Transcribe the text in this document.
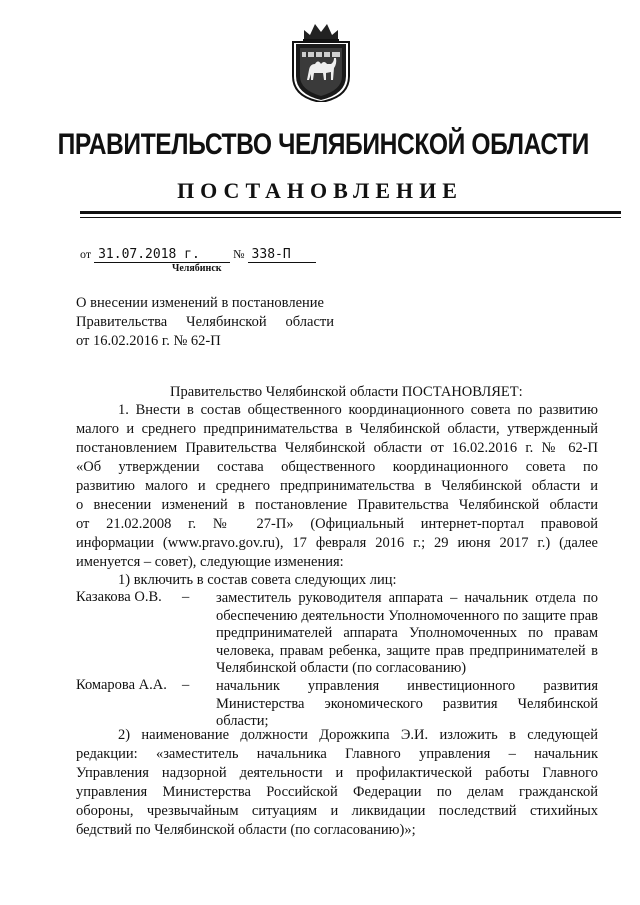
ПРАВИТЕЛЬСТВО ЧЕЛЯБИНСКОЙ ОБЛАСТИ
ПОСТАНОВЛЕНИЕ
от 31.07.2018 г.	№ 338-П
Челябинск
О внесении изменений в постановление
Правительства Челябинской области
от 16.02.2016 г. № 62-П
Правительство Челябинской области ПОСТАНОВЛЯЕТ:
1. Внести в состав общественного координационного совета по развитию
малого и среднего предпринимательства в Челябинской области, утвержденный
постановлением Правительства Челябинской области от 16.02.2016 г. № 62-П
«Об утверждении состава общественного координационного совета по
развитию малого и среднего предпринимательства в Челябинской области и
о внесении изменений в постановление Правительства Челябинской области
от 21.02.2008 г. № 27-П» (Официальный интернет-портал правовой
информации (www.pravo.gov.ru), 17 февраля 2016 г.; 29 июня 2017 г.) (далее
именуется – совет), следующие изменения:
1) включить в состав совета следующих лиц:
Казакова О.В. – заместитель руководителя аппарата – начальник отдела по обеспечению деятельности Уполномоченного по защите прав предпринимателей аппарата Уполномоченных по правам человека, правам ребенка, защите прав предпринимателей в Челябинской области (по согласованию)
Комарова А.А. – начальник управления инвестиционного развития Министерства экономического развития Челябинской области;
2) наименование должности Дорожкипа Э.И. изложить в следующей
редакции: «заместитель начальника Главного управления – начальник
Управления надзорной деятельности и профилактической работы Главного
управления Министерства Российской Федерации по делам гражданской
обороны, чрезвычайным ситуациям и ликвидации последствий стихийных
бедствий по Челябинской области (по согласованию)»;
